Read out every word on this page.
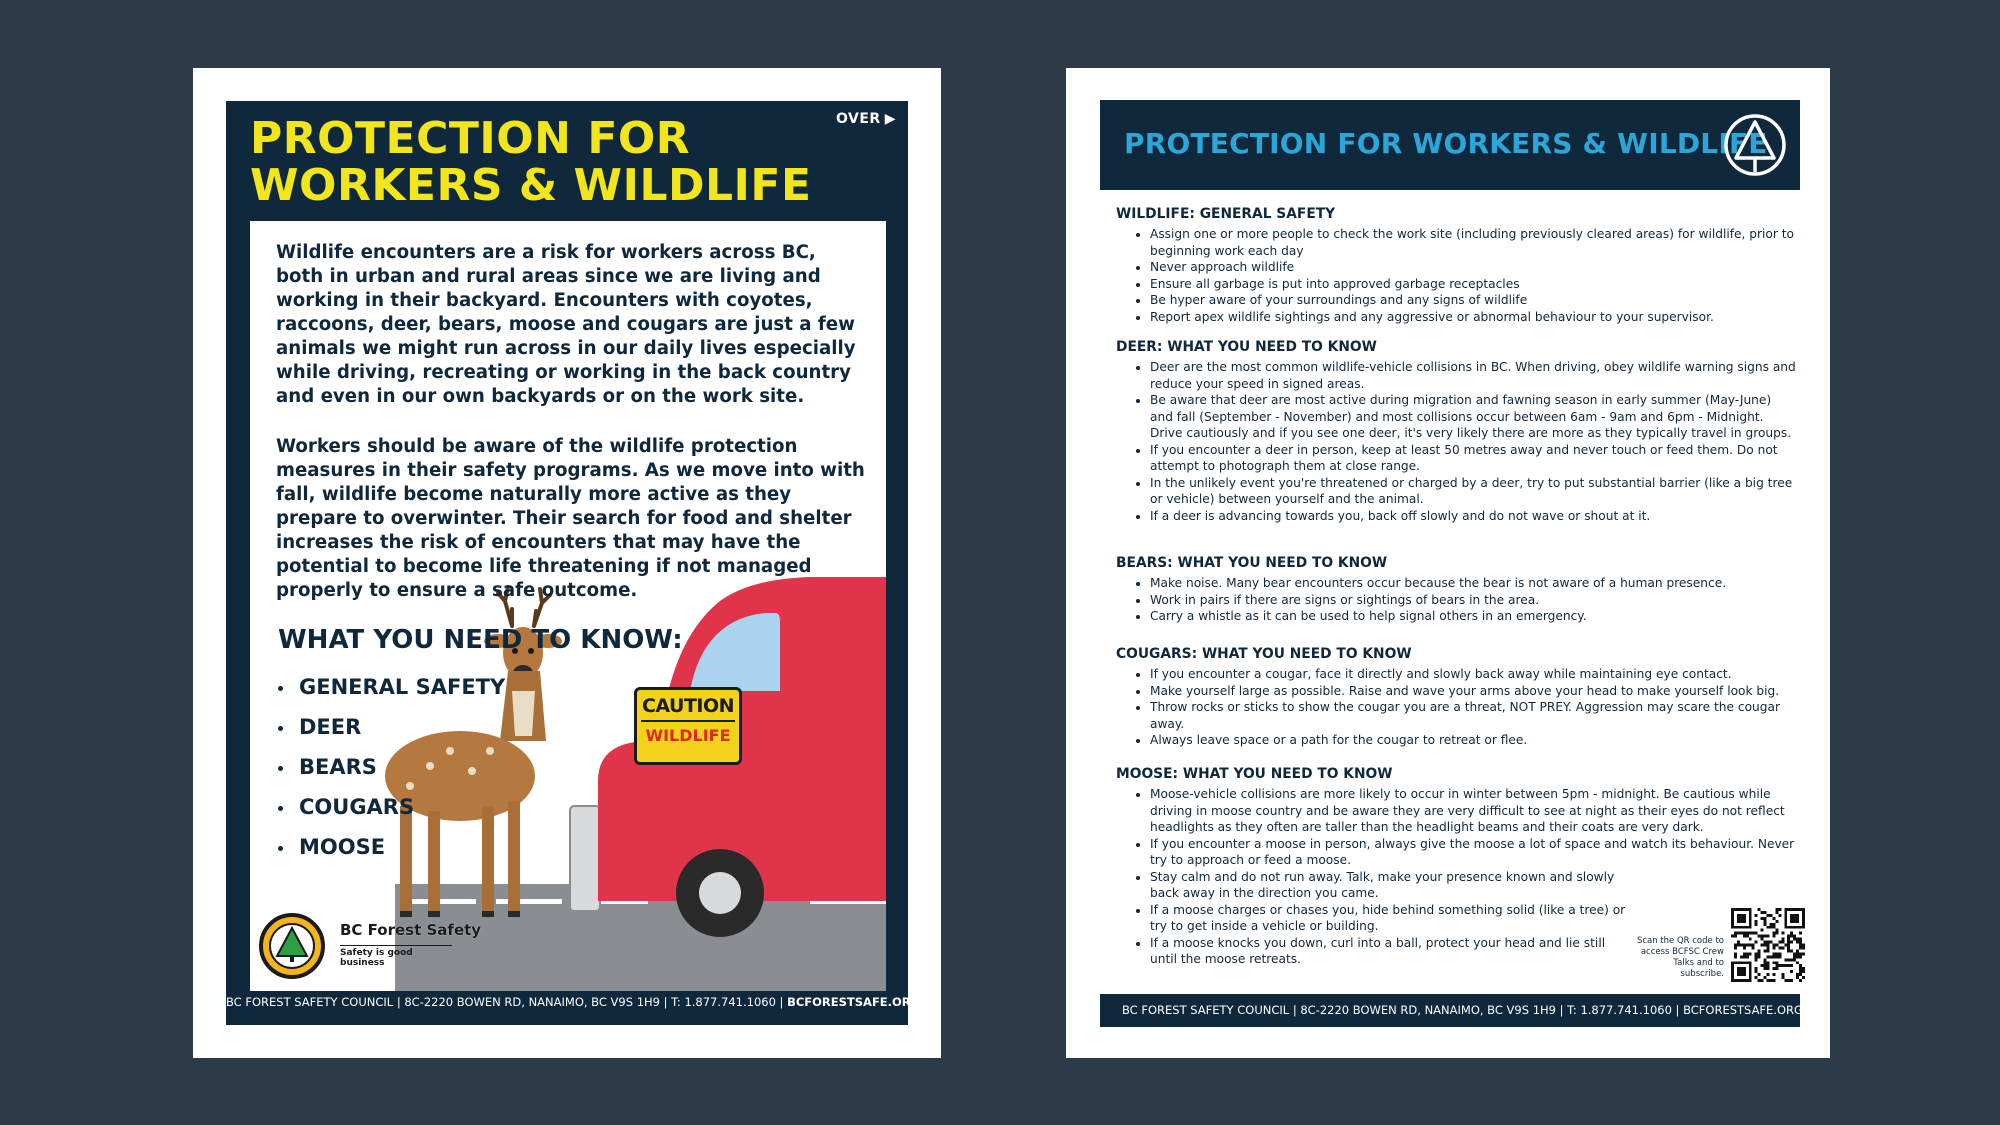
OVER ▶
PROTECTION FOR
WORKERS & WILDLIFE

Wildlife encounters are a risk for workers across BC, both in urban and rural areas since we are living and working in their backyard. Encounters with coyotes, raccoons, deer, bears, moose and cougars are just a few animals we might run across in our daily lives especially while driving, recreating or working in the back country and even in our own backyards or on the work site.

Workers should be aware of the wildlife protection measures in their safety programs. As we move into with fall, wildlife become naturally more active as they prepare to overwinter. Their search for food and shelter increases the risk of encounters that may have the potential to become life threatening if not managed properly to ensure a safe outcome.

WHAT YOU NEED TO KNOW:
GENERAL SAFETY
DEER
BEARS
COUGARS
MOOSE
CAUTION
WILDLIFE
BC Forest Safety
Safety is good business
BC FOREST SAFETY COUNCIL | 8C-2220 BOWEN RD, NANAIMO, BC V9S 1H9 | T: 1.877.741.1060 | BCFORESTSAFE.ORG
PROTECTION FOR WORKERS & WILDLIFE
WILDLIFE: GENERAL SAFETY
• Assign one or more people to check the work site (including previously cleared areas) for wildlife, prior to beginning work each day
• Never approach wildlife
• Ensure all garbage is put into approved garbage receptacles
• Be hyper aware of your surroundings and any signs of wildlife
• Report apex wildlife sightings and any aggressive or abnormal behaviour to your supervisor.
DEER: WHAT YOU NEED TO KNOW
• Deer are the most common wildlife-vehicle collisions in BC. When driving, obey wildlife warning signs and reduce your speed in signed areas.
• Be aware that deer are most active during migration and fawning season in early summer (May-June) and fall (September - November) and most collisions occur between 6am - 9am and 6pm - Midnight. Drive cautiously and if you see one deer, it's very likely there are more as they typically travel in groups.
• If you encounter a deer in person, keep at least 50 metres away and never touch or feed them. Do not attempt to photograph them at close range.
• In the unlikely event you're threatened or charged by a deer, try to put substantial barrier (like a big tree or vehicle) between yourself and the animal.
• If a deer is advancing towards you, back off slowly and do not wave or shout at it.
BEARS: WHAT YOU NEED TO KNOW
• Make noise. Many bear encounters occur because the bear is not aware of a human presence.
• Work in pairs if there are signs or sightings of bears in the area.
• Carry a whistle as it can be used to help signal others in an emergency.
COUGARS: WHAT YOU NEED TO KNOW
• If you encounter a cougar, face it directly and slowly back away while maintaining eye contact.
• Make yourself large as possible. Raise and wave your arms above your head to make yourself look big.
• Throw rocks or sticks to show the cougar you are a threat, NOT PREY. Aggression may scare the cougar away.
• Always leave space or a path for the cougar to retreat or flee.
MOOSE: WHAT YOU NEED TO KNOW
• Moose-vehicle collisions are more likely to occur in winter between 5pm - midnight. Be cautious while driving in moose country and be aware they are very difficult to see at night as their eyes do not reflect headlights as they often are taller than the headlight beams and their coats are very dark.
• If you encounter a moose in person, always give the moose a lot of space and watch its behaviour. Never try to approach or feed a moose.
• Stay calm and do not run away. Talk, make your presence known and slowly back away in the direction you came.
• If a moose charges or chases you, hide behind something solid (like a tree) or try to get inside a vehicle or building.
• If a moose knocks you down, curl into a ball, protect your head and lie still until the moose retreats.
Scan the QR code to access BCFSC Crew Talks and to subscribe.
BC FOREST SAFETY COUNCIL | 8C-2220 BOWEN RD, NANAIMO, BC V9S 1H9 | T: 1.877.741.1060 | BCFORESTSAFE.ORG
